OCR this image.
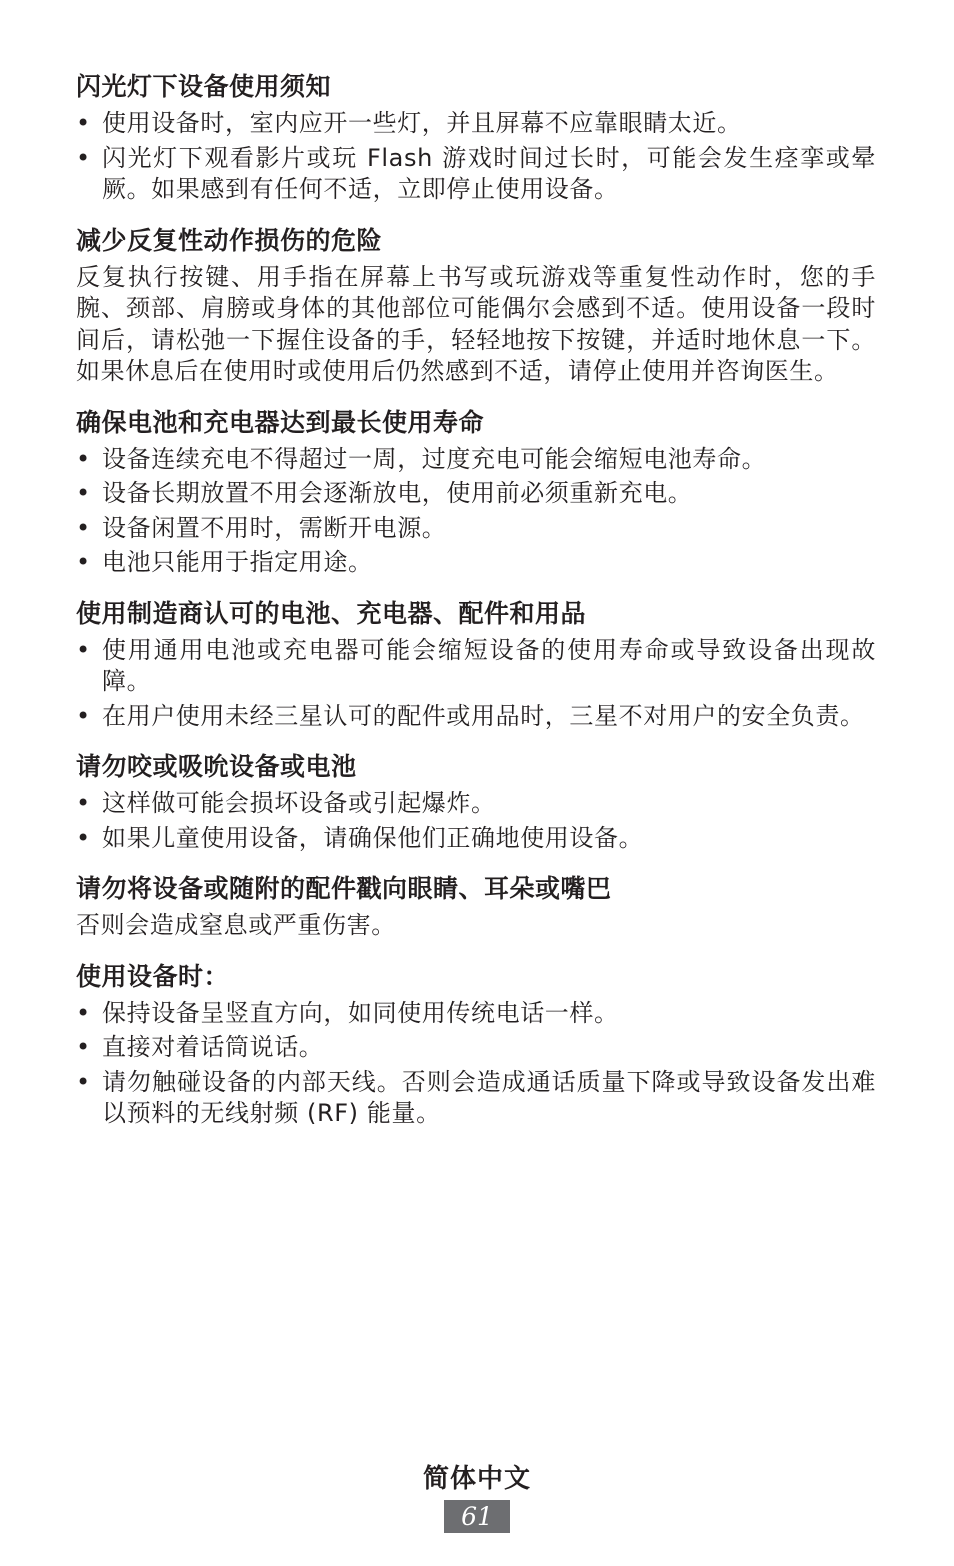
闪光灯下设备使用须知
• 使用设备时，室内应开一些灯，并且屏幕不应靠眼睛太近。
• 闪光灯下观看影片或玩 Flash 游戏时间过长时，可能会发生痉挛或晕厥。如果感到有任何不适，立即停止使用设备。
减少反复性动作损伤的危险

反复执行按键、用手指在屏幕上书写或玩游戏等重复性动作时，您的手腕、颈部、肩膀或身体的其他部位可能偶尔会感到不适。使用设备一段时间后，请松弛一下握住设备的手，轻轻地按下按键，并适时地休息一下。如果休息后在使用时或使用后仍然感到不适，请停止使用并咨询医生。

确保电池和充电器达到最长使用寿命
• 设备连续充电不得超过一周，过度充电可能会缩短电池寿命。
• 设备长期放置不用会逐渐放电，使用前必须重新充电。
• 设备闲置不用时，需断开电源。
• 电池只能用于指定用途。
使用制造商认可的电池、充电器、配件和用品
• 使用通用电池或充电器可能会缩短设备的使用寿命或导致设备出现故障。
• 在用户使用未经三星认可的配件或用品时，三星不对用户的安全负责。
请勿咬或吸吮设备或电池
• 这样做可能会损坏设备或引起爆炸。
• 如果儿童使用设备，请确保他们正确地使用设备。
请勿将设备或随附的配件戳向眼睛、耳朵或嘴巴

否则会造成窒息或严重伤害。

使用设备时：
• 保持设备呈竖直方向，如同使用传统电话一样。
• 直接对着话筒说话。
• 请勿触碰设备的内部天线。否则会造成通话质量下降或导致设备发出难以预料的无线射频 (RF) 能量。
简体中文
61
